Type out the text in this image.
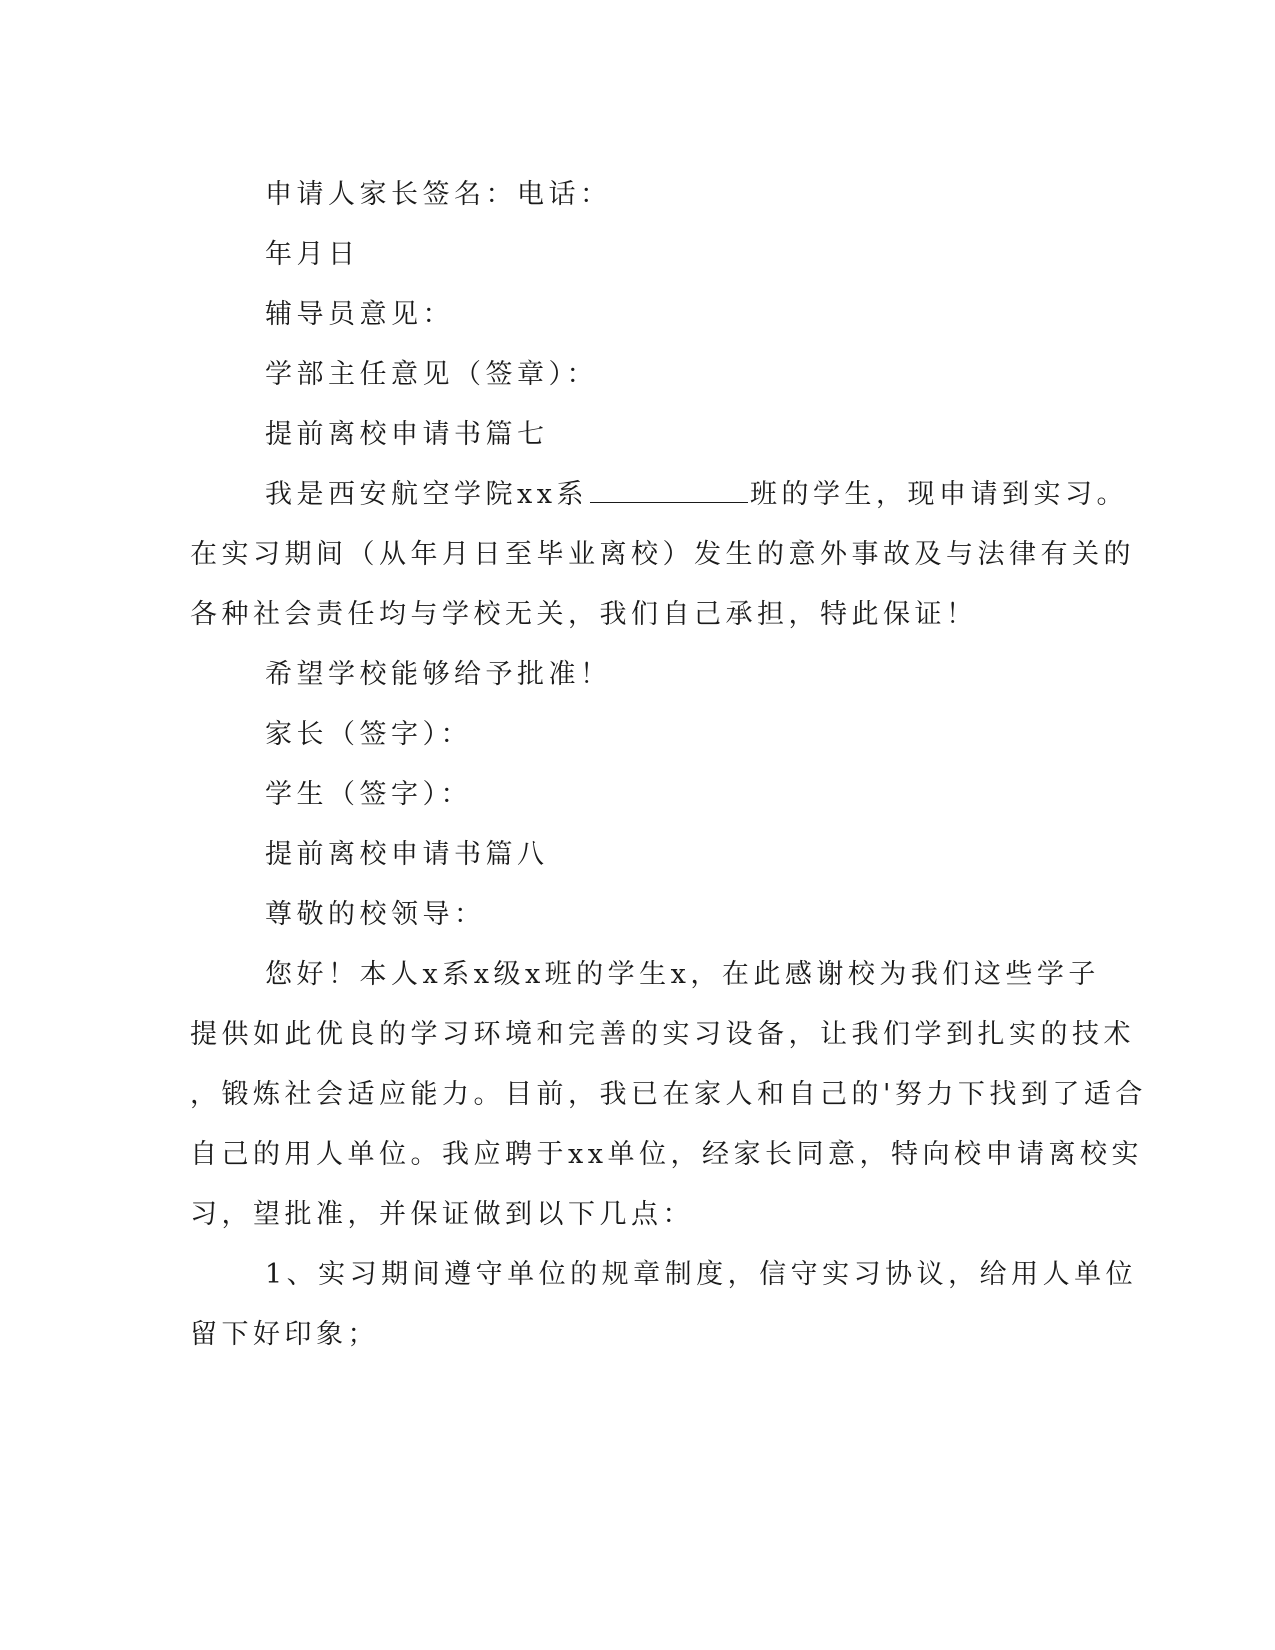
申请人家长签名：电话：
年月日
辅导员意见：
学部主任意见（签章）：
提前离校申请书篇七
我是西安航空学院xx系	班的学生，现申请到实习。
在实习期间（从年月日至毕业离校）发生的意外事故及与法律有关的
各种社会责任均与学校无关，我们自己承担，特此保证！
希望学校能够给予批准！
家长（签字）：
学生（签字）：
提前离校申请书篇八
尊敬的校领导：
您好！本人x系x级x班的学生x，在此感谢校为我们这些学子
提供如此优良的学习环境和完善的实习设备，让我们学到扎实的技术
，锻炼社会适应能力。目前，我已在家人和自己的'努力下找到了适合
自己的用人单位。我应聘于xx单位，经家长同意，特向校申请离校实
习，望批准，并保证做到以下几点：
1、实习期间遵守单位的规章制度，信守实习协议，给用人单位
留下好印象；
